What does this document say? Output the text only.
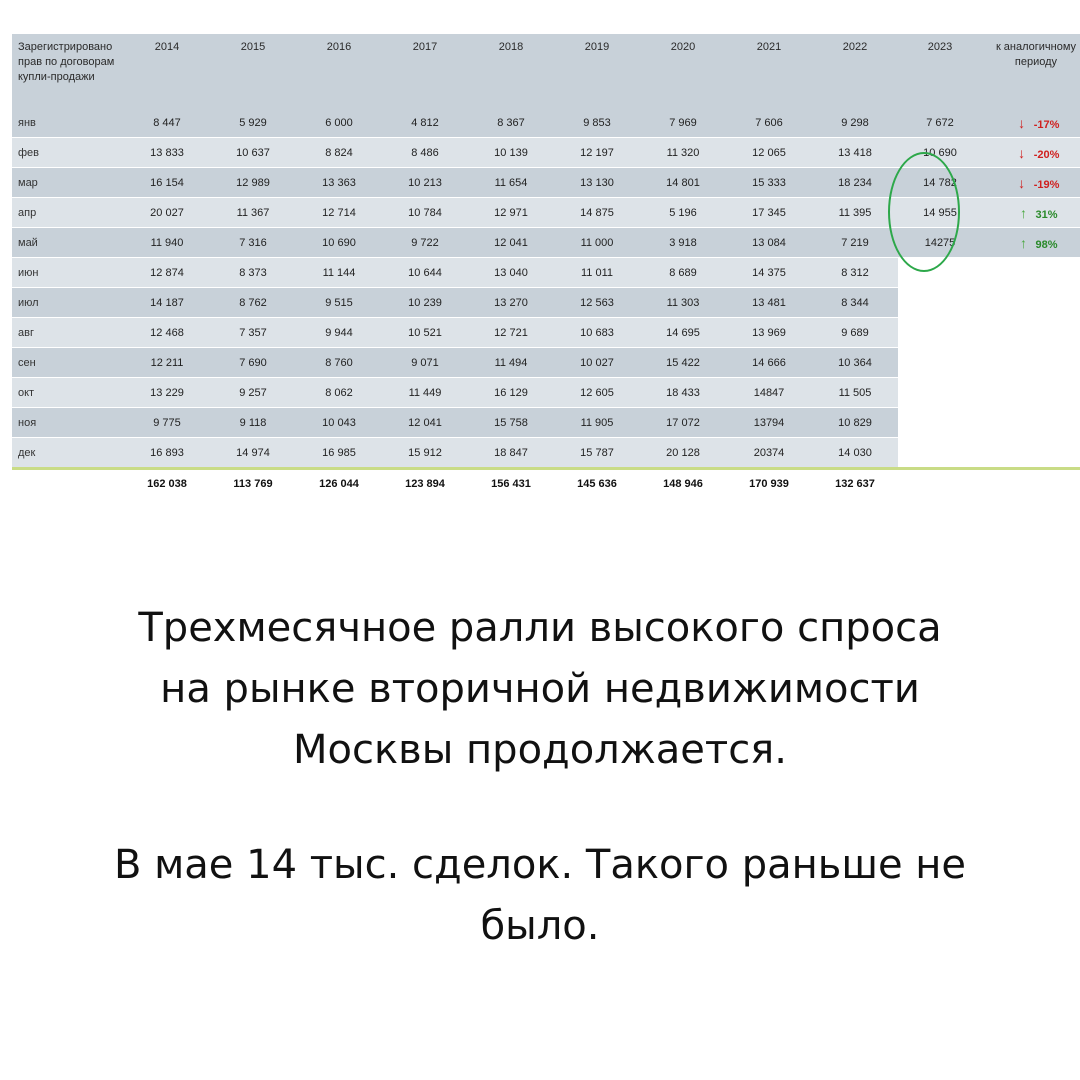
Зарегистрировано прав по договорам купли-продажи	2014	2015	2016	2017	2018	2019	2020	2021	2022	2023	к аналогичному периоду
янв	8 447	5 929	6 000	4 812	8 367	9 853	7 969	7 606	9 298	7 672	↓ -17%
фев	13 833	10 637	8 824	8 486	10 139	12 197	11 320	12 065	13 418	10 690	↓ -20%
мар	16 154	12 989	13 363	10 213	11 654	13 130	14 801	15 333	18 234	14 782	↓ -19%
апр	20 027	11 367	12 714	10 784	12 971	14 875	5 196	17 345	11 395	14 955	↑ 31%
май	11 940	7 316	10 690	9 722	12 041	11 000	3 918	13 084	7 219	14275	↑ 98%
июн	12 874	8 373	11 144	10 644	13 040	11 011	8 689	14 375	8 312		
июл	14 187	8 762	9 515	10 239	13 270	12 563	11 303	13 481	8 344		
авг	12 468	7 357	9 944	10 521	12 721	10 683	14 695	13 969	9 689		
сен	12 211	7 690	8 760	9 071	11 494	10 027	15 422	14 666	10 364		
окт	13 229	9 257	8 062	11 449	16 129	12 605	18 433	14847	11 505		
ноя	9 775	9 118	10 043	12 041	15 758	11 905	17 072	13794	10 829		
дек	16 893	14 974	16 985	15 912	18 847	15 787	20 128	20374	14 030		
	162 038	113 769	126 044	123 894	156 431	145 636	148 946	170 939	132 637		

Трехмесячное ралли высокого спроса

на рынке вторичной недвижимости

Москвы продолжается.

В мае 14 тыс. сделок. Такого раньше не

было.
